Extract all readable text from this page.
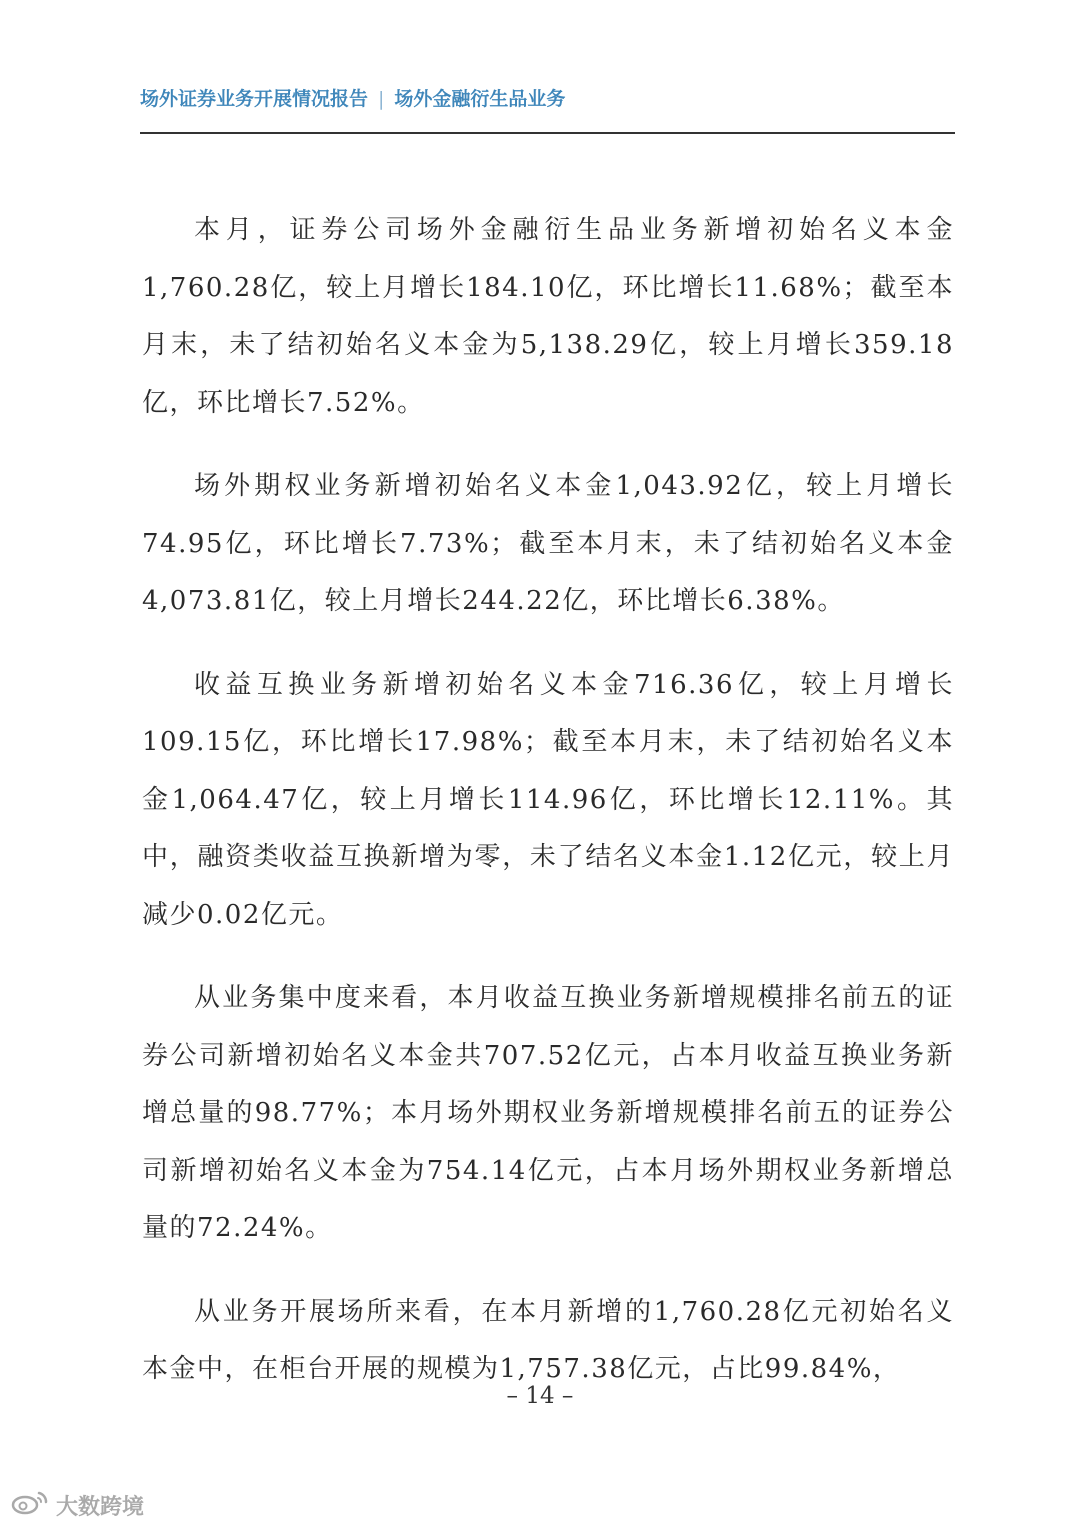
场外证券业务开展情况报告 | 场外金融衍生品业务

本月，证券公司场外金融衍生品业务新增初始名义本金1,760.28亿，较上月增长184.10亿，环比增长11.68%；截至本月末，未了结初始名义本金为5,138.29亿，较上月增长359.18亿，环比增长7.52%。

场外期权业务新增初始名义本金1,043.92亿，较上月增长74.95亿，环比增长7.73%；截至本月末，未了结初始名义本金4,073.81亿，较上月增长244.22亿，环比增长6.38%。

收益互换业务新增初始名义本金716.36亿，较上月增长109.15亿，环比增长17.98%；截至本月末，未了结初始名义本金1,064.47亿，较上月增长114.96亿，环比增长12.11%。其中，融资类收益互换新增为零，未了结名义本金1.12亿元，较上月减少0.02亿元。

从业务集中度来看，本月收益互换业务新增规模排名前五的证券公司新增初始名义本金共707.52亿元，占本月收益互换业务新增总量的98.77%；本月场外期权业务新增规模排名前五的证券公司新增初始名义本金为754.14亿元，占本月场外期权业务新增总量的72.24%。

从业务开展场所来看，在本月新增的1,760.28亿元初始名义本金中，在柜台开展的规模为1,757.38亿元，占比99.84%，

– 14 –
大数跨境
